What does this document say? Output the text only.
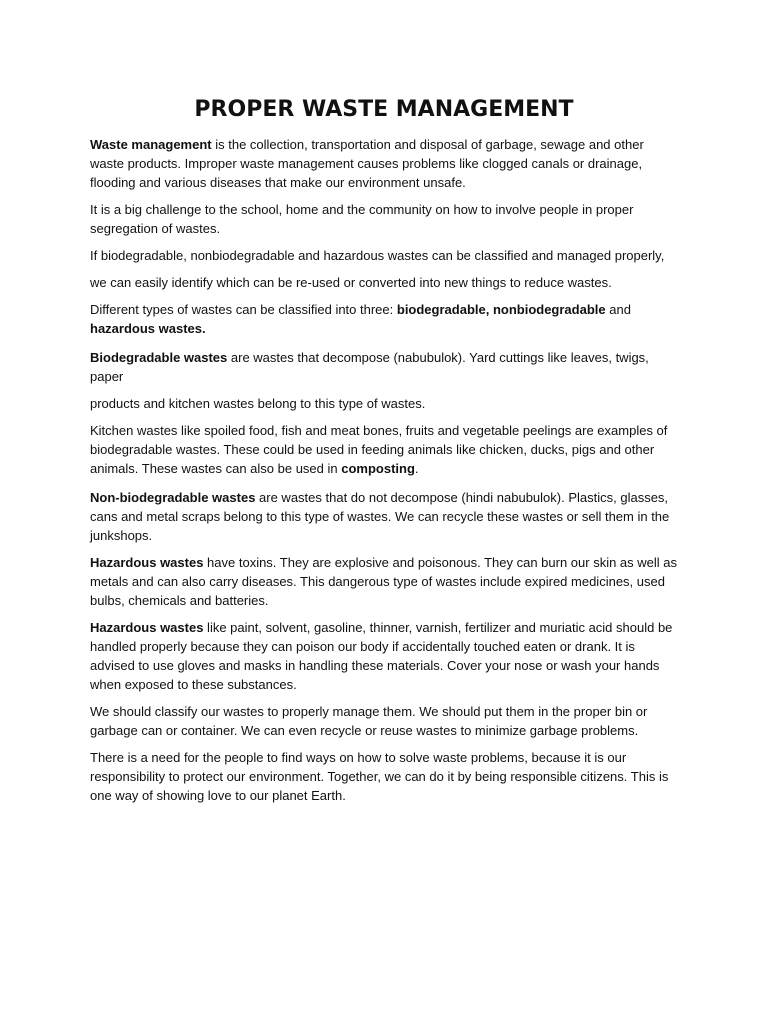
PROPER WASTE MANAGEMENT

Waste management is the collection, transportation and disposal of garbage, sewage and other waste products. Improper waste management causes problems like clogged canals or drainage, flooding and various diseases that make our environment unsafe.

It is a big challenge to the school, home and the community on how to involve people in proper segregation of wastes.

If biodegradable, nonbiodegradable and hazardous wastes can be classified and managed properly,

we can easily identify which can be re-used or converted into new things to reduce wastes.

Different types of wastes can be classified into three: biodegradable, nonbiodegradable and hazardous wastes.

Biodegradable wastes are wastes that decompose (nabubulok). Yard cuttings like leaves, twigs, paper

products and kitchen wastes belong to this type of wastes.

Kitchen wastes like spoiled food, fish and meat bones, fruits and vegetable peelings are examples of biodegradable wastes. These could be used in feeding animals like chicken, ducks, pigs and other animals. These wastes can also be used in composting.

Non-biodegradable wastes are wastes that do not decompose (hindi nabubulok). Plastics, glasses, cans and metal scraps belong to this type of wastes. We can recycle these wastes or sell them in the junkshops.

Hazardous wastes have toxins. They are explosive and poisonous. They can burn our skin as well as metals and can also carry diseases. This dangerous type of wastes include expired medicines, used bulbs, chemicals and batteries.

Hazardous wastes like paint, solvent, gasoline, thinner, varnish, fertilizer and muriatic acid should be handled properly because they can poison our body if accidentally touched eaten or drank. It is advised to use gloves and masks in handling these materials. Cover your nose or wash your hands when exposed to these substances.

We should classify our wastes to properly manage them. We should put them in the proper bin or garbage can or container. We can even recycle or reuse wastes to minimize garbage problems.

There is a need for the people to find ways on how to solve waste problems, because it is our responsibility to protect our environment. Together, we can do it by being responsible citizens. This is one way of showing love to our planet Earth.
